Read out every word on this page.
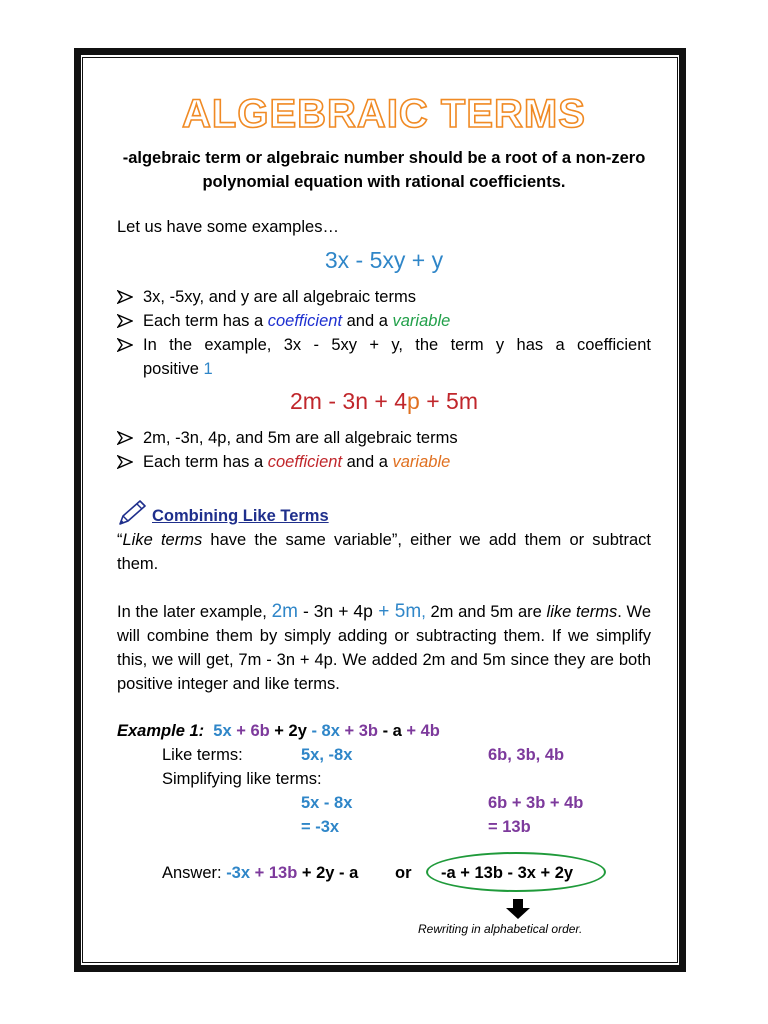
ALGEBRAIC TERMS
-algebraic term or algebraic number should be a root of a non-zero polynomial equation with rational coefficients.
Let us have some examples…
3x - 5xy + y
3x, -5xy, and y are all algebraic terms
Each term has a coefficient and a variable
In the example, 3x - 5xy + y, the term y has a coefficient
positive 1
2m - 3n + 4p + 5m
2m, -3n, 4p, and 5m are all algebraic terms
Each term has a coefficient and a variable
Combining Like Terms
“Like terms have the same variable”, either we add them or subtract them.
In the later example, 2m - 3n + 4p + 5m, 2m and 5m are like terms. We will combine them by simply adding or subtracting them. If we simplify this, we will get, 7m - 3n + 4p. We added 2m and 5m since they are both positive integer and like terms.
Example 1: 5x + 6b + 2y - 8x + 3b - a + 4b
Like terms:	5x, -8x	6b, 3b, 4b
Simplifying like terms:
5x - 8x	6b + 3b + 4b
= -3x	= 13b
Answer: -3x + 13b + 2y - a or -a + 13b - 3x + 2y
Rewriting in alphabetical order.
